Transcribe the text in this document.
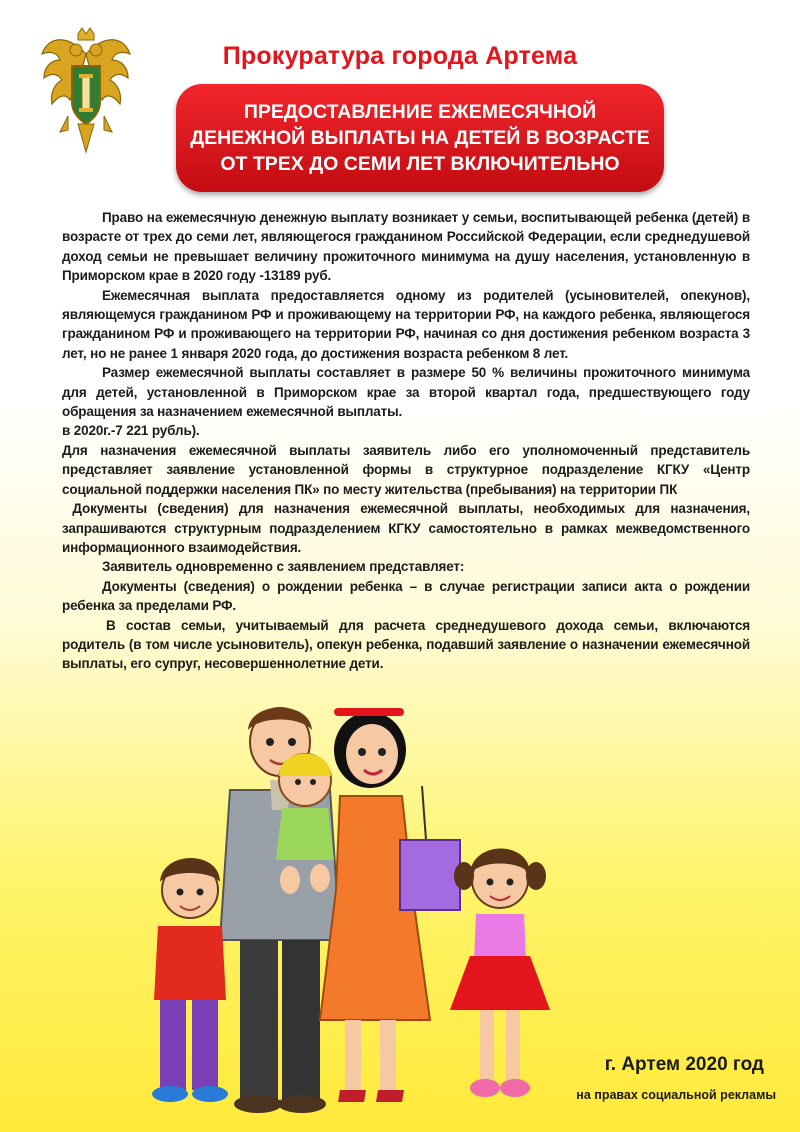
Прокуратура города Артема
ПРЕДОСТАВЛЕНИЕ ЕЖЕМЕСЯЧНОЙ ДЕНЕЖНОЙ ВЫПЛАТЫ НА ДЕТЕЙ В ВОЗРАСТЕ ОТ ТРЕХ ДО СЕМИ ЛЕТ ВКЛЮЧИТЕЛЬНО

Право на ежемесячную денежную выплату возникает у семьи, воспитывающей ребенка (детей) в возрасте от трех до семи лет, являющегося гражданином Российской Федерации, если среднедушевой доход семьи не превышает величину прожиточного минимума на душу населения, установленную в Приморском крае в 2020 году -13189 руб.

Ежемесячная выплата предоставляется одному из родителей (усыновителей, опекунов), являющемуся гражданином РФ и проживающему на территории РФ, на каждого ребенка, являющегося гражданином РФ и проживающего на территории РФ, начиная со дня достижения ребенком возраста 3 лет, но не ранее 1 января 2020 года, до достижения возраста ребенком 8 лет.

Размер ежемесячной выплаты составляет в размере 50 % величины прожиточного минимума для детей, установленной в Приморском крае за второй квартал года, предшествующего году обращения за назначением ежемесячной выплаты.

в 2020г.-7 221 рубль).

Для назначения ежемесячной выплаты заявитель либо его уполномоченный представитель представляет заявление установленной формы в структурное подразделение КГКУ «Центр социальной поддержки населения ПК» по месту жительства (пребывания) на территории ПК

Документы (сведения) для назначения ежемесячной выплаты, необходимых для назначения, запрашиваются структурным подразделением КГКУ самостоятельно в рамках межведомственного информационного взаимодействия.

Заявитель одновременно с заявлением представляет:

Документы (сведения) о рождении ребенка – в случае регистрации записи акта о рождении ребенка за пределами РФ.

В состав семьи, учитываемый для расчета среднедушевого дохода семьи, включаются родитель (в том числе усыновитель), опекун ребенка, подавший заявление о назначении ежемесячной выплаты, его супруг, несовершеннолетние дети.

г. Артем 2020 год
на правах социальной рекламы
